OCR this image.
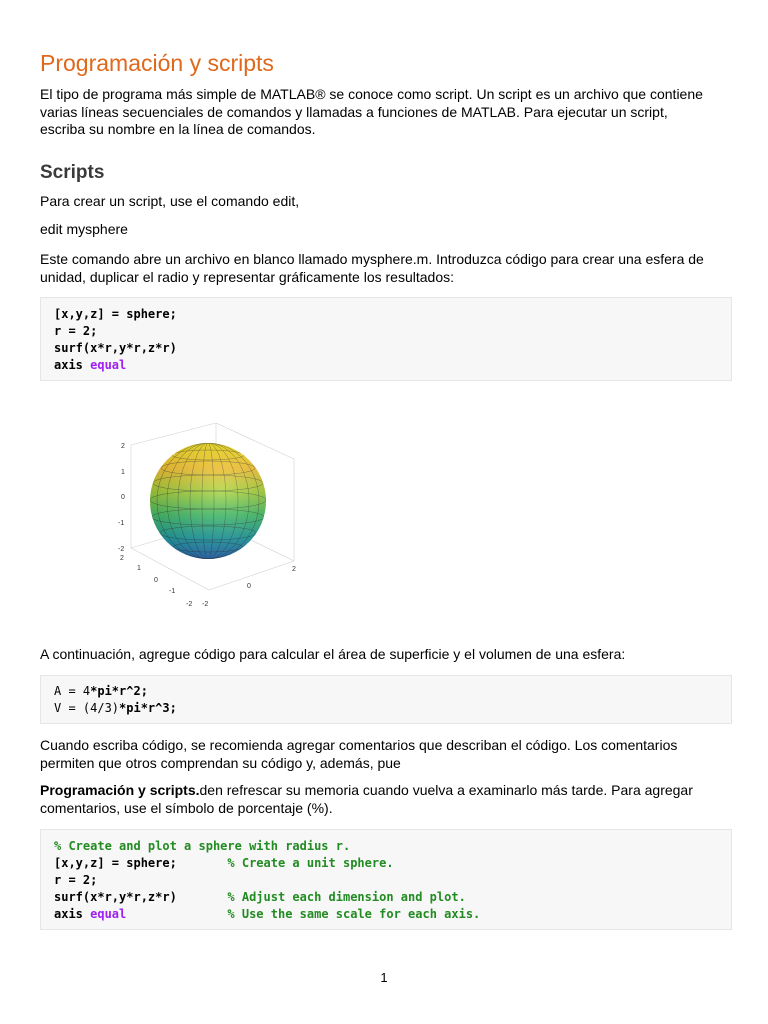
Programación y scripts

El tipo de programa más simple de MATLAB® se conoce como script. Un script es un archivo que contiene
varias líneas secuenciales de comandos y llamadas a funciones de MATLAB. Para ejecutar un script,
escriba su nombre en la línea de comandos.

Scripts

Para crear un script, use el comando edit,

edit mysphere

Este comando abre un archivo en blanco llamado mysphere.m. Introduzca código para crear una esfera de
unidad, duplicar el radio y representar gráficamente los resultados:

[x,y,z] = sphere;
r = 2;
surf(x*r,y*r,z*r)
axis equal
2
1
0
-1
-2
2
1
0
-1
-2
2
0
-2

A continuación, agregue código para calcular el área de superficie y el volumen de una esfera:

A = 4*pi*r^2;
V = (4/3)*pi*r^3;

Cuando escriba código, se recomienda agregar comentarios que describan el código. Los comentarios
permiten que otros comprendan su código y, además, pue

Programación y scripts.den refrescar su memoria cuando vuelva a examinarlo más tarde. Para agregar
comentarios, use el símbolo de porcentaje (%).

% Create and plot a sphere with radius r.
[x,y,z] = sphere;       % Create a unit sphere.
r = 2;
surf(x*r,y*r,z*r)       % Adjust each dimension and plot.
axis equal	% Use the same scale for each axis.
1
